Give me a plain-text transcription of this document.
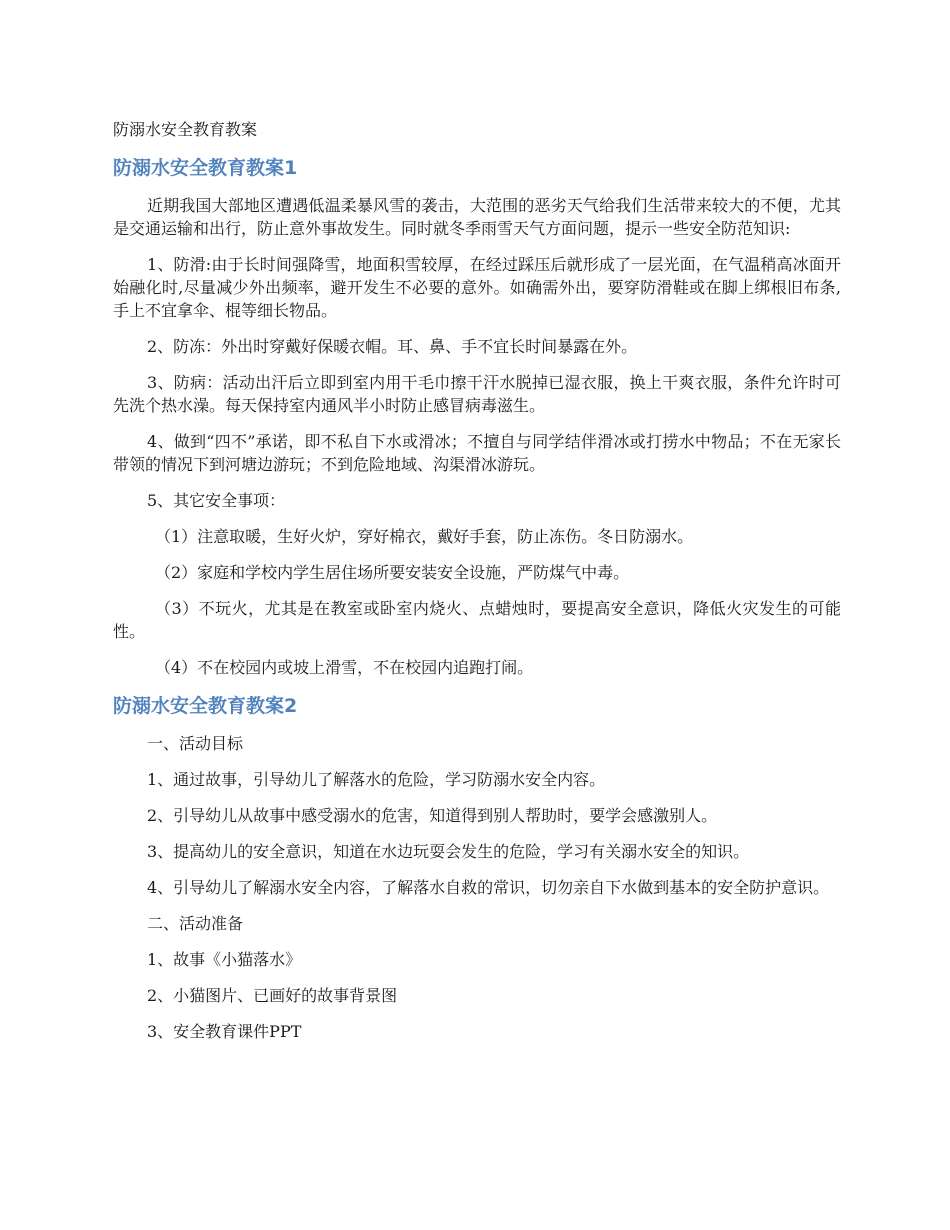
防溺水安全教育教案
防溺水安全教育教案1

近期我国大部地区遭遇低温柔暴风雪的袭击，大范围的恶劣天气给我们生活带来较大的不便，尤其是交通运输和出行，防止意外事故发生。同时就冬季雨雪天气方面问题，提示一些安全防范知识:

1、防滑:由于长时间强降雪，地面积雪较厚，在经过踩压后就形成了一层光面，在气温稍高冰面开始融化时,尽量减少外出频率，避开发生不必要的意外。如确需外出，要穿防滑鞋或在脚上绑根旧布条,手上不宜拿伞、棍等细长物品。

2、防冻：外出时穿戴好保暖衣帽。耳、鼻、手不宜长时间暴露在外。

3、防病：活动出汗后立即到室内用干毛巾擦干汗水脱掉已湿衣服，换上干爽衣服，条件允许时可先洗个热水澡。每天保持室内通风半小时防止感冒病毒滋生。

4、做到“四不”承诺，即不私自下水或滑冰；不擅自与同学结伴滑冰或打捞水中物品；不在无家长带领的情况下到河塘边游玩；不到危险地域、沟渠滑冰游玩。

5、其它安全事项：

（1）注意取暖，生好火炉，穿好棉衣，戴好手套，防止冻伤。冬日防溺水。

（2）家庭和学校内学生居住场所要安装安全设施，严防煤气中毒。

（3）不玩火，尤其是在教室或卧室内烧火、点蜡烛时，要提高安全意识，降低火灾发生的可能性。

（4）不在校园内或坡上滑雪，不在校园内追跑打闹。

防溺水安全教育教案2

一、活动目标

1、通过故事，引导幼儿了解落水的危险，学习防溺水安全内容。

2、引导幼儿从故事中感受溺水的危害，知道得到别人帮助时，要学会感激别人。

3、提高幼儿的安全意识，知道在水边玩耍会发生的危险，学习有关溺水安全的知识。

4、引导幼儿了解溺水安全内容，了解落水自救的常识，切勿亲自下水做到基本的安全防护意识。

二、活动准备

1、故事《小猫落水》

2、小猫图片、已画好的故事背景图

3、安全教育课件PPT
